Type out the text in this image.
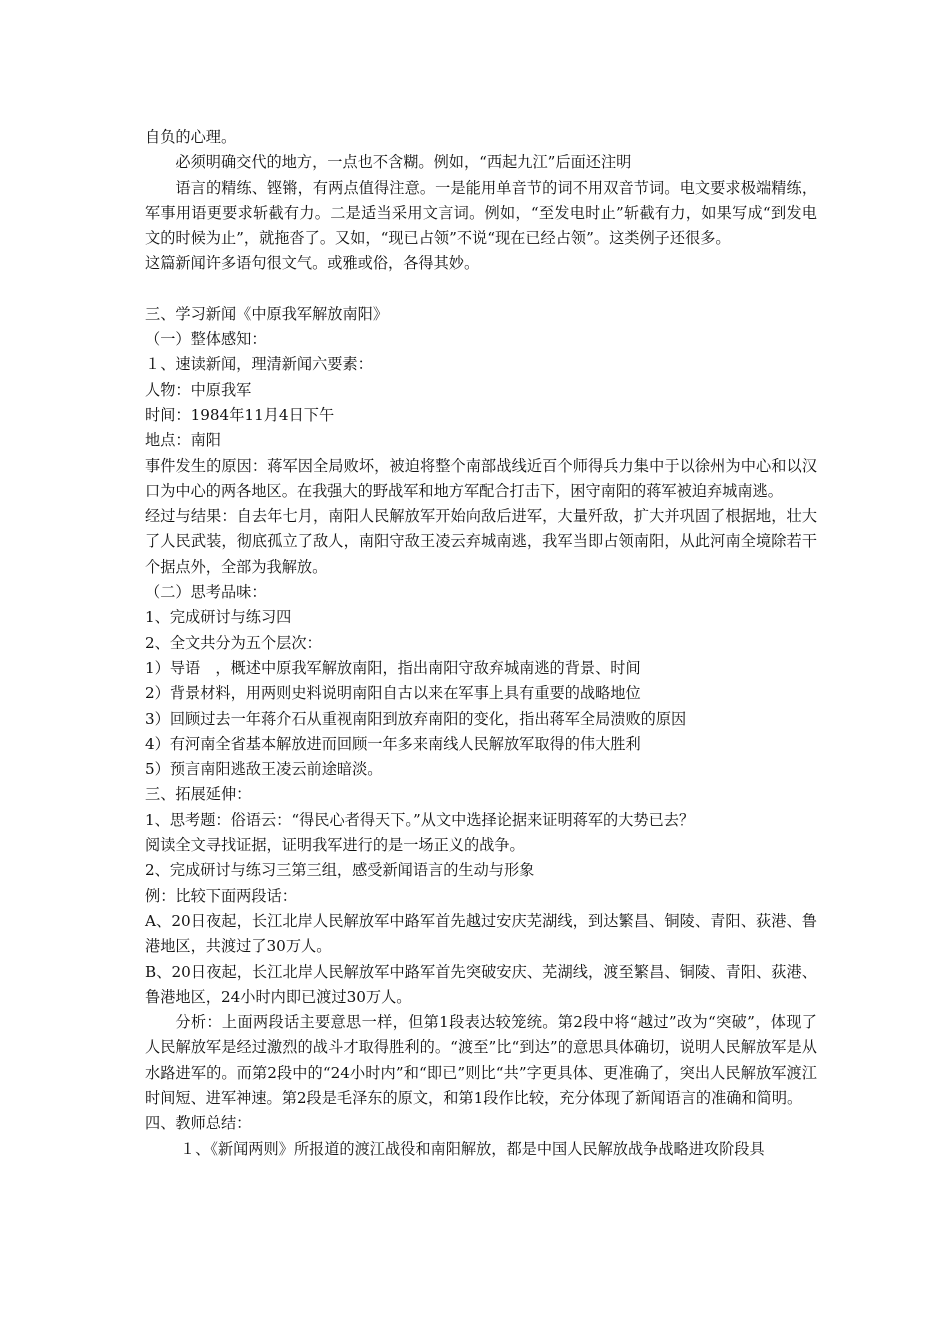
自负的心理。

必须明确交代的地方，一点也不含糊。例如，“西起九江”后面还注明

语言的精练、铿锵，有两点值得注意。一是能用单音节的词不用双音节词。电文要求极端精练，军事用语更要求斩截有力。二是适当采用文言词。例如，“至发电时止”斩截有力，如果写成“到发电文的时候为止”，就拖沓了。又如，“现已占领”不说“现在已经占领”。这类例子还很多。

这篇新闻许多语句很文气。或雅或俗，各得其妙。

三、学习新闻《中原我军解放南阳》

（一）整体感知：

１、速读新闻，理清新闻六要素：

人物：中原我军

时间：1984年11月4日下午

地点：南阳

事件发生的原因：蒋军因全局败坏，被迫将整个南部战线近百个师得兵力集中于以徐州为中心和以汉口为中心的两各地区。在我强大的野战军和地方军配合打击下，困守南阳的蒋军被迫弃城南逃。

经过与结果：自去年七月，南阳人民解放军开始向敌后进军，大量歼敌，扩大并巩固了根据地，壮大了人民武装，彻底孤立了敌人，南阳守敌王凌云弃城南逃，我军当即占领南阳，从此河南全境除若干个据点外，全部为我解放。

（二）思考品味：

1、完成研讨与练习四

2、全文共分为五个层次：

1）导语　，概述中原我军解放南阳，指出南阳守敌弃城南逃的背景、时间

2）背景材料，用两则史料说明南阳自古以来在军事上具有重要的战略地位

3）回顾过去一年蒋介石从重视南阳到放弃南阳的变化，指出蒋军全局溃败的原因

4）有河南全省基本解放进而回顾一年多来南线人民解放军取得的伟大胜利

5）预言南阳逃敌王凌云前途暗淡。

三、拓展延伸：

1、思考题：俗语云：“得民心者得天下。”从文中选择论据来证明蒋军的大势已去？

阅读全文寻找证据，证明我军进行的是一场正义的战争。

2、完成研讨与练习三第三组，感受新闻语言的生动与形象

例：比较下面两段话：

A、20日夜起，长江北岸人民解放军中路军首先越过安庆芜湖线，到达繁昌、铜陵、青阳、荻港、鲁港地区，共渡过了30万人。

B、20日夜起，长江北岸人民解放军中路军首先突破安庆、芜湖线，渡至繁昌、铜陵、青阳、荻港、鲁港地区，24小时内即已渡过30万人。

分析：上面两段话主要意思一样，但第1段表达较笼统。第2段中将“越过”改为“突破”，体现了人民解放军是经过激烈的战斗才取得胜利的。“渡至”比“到达”的意思具体确切，说明人民解放军是从水路进军的。而第2段中的“24小时内”和“即已”则比“共”字更具体、更准确了，突出人民解放军渡江时间短、进军神速。第2段是毛泽东的原文，和第1段作比较，充分体现了新闻语言的准确和简明。

四、教师总结：

１、《新闻两则》所报道的渡江战役和南阳解放，都是中国人民解放战争战略进攻阶段具
